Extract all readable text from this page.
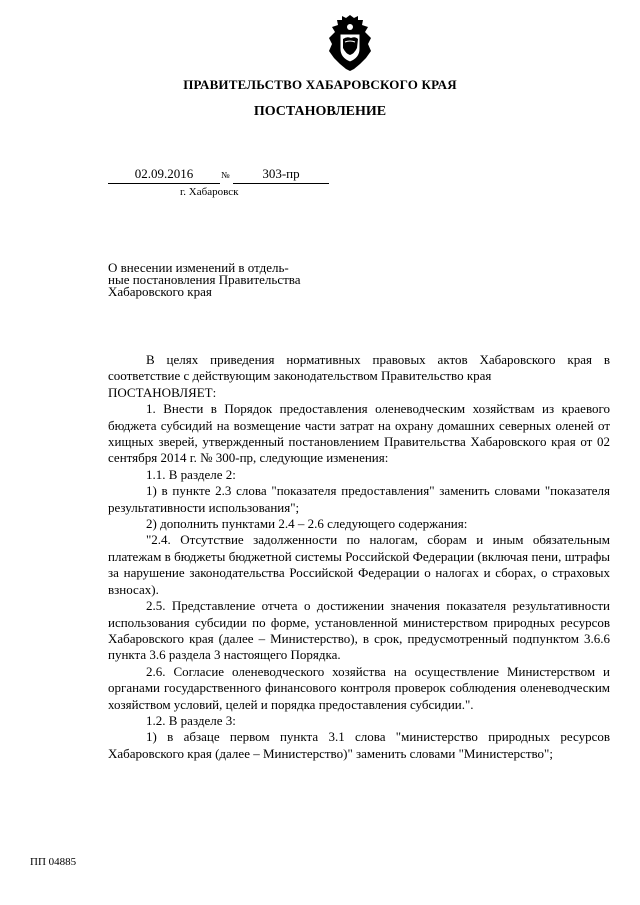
ПРАВИТЕЛЬСТВО ХАБАРОВСКОГО КРАЯ
ПОСТАНОВЛЕНИЕ
02.09.2016	№	303-пр
г. Хабаровск
О внесении изменений в отдель-
ные постановления Правительства
Хабаровского края

В целях приведения нормативных правовых актов Хабаровского края в соответствие с действующим законодательством Правительство края

ПОСТАНОВЛЯЕТ:

1. Внести в Порядок предоставления оленеводческим хозяйствам из краевого бюджета субсидий на возмещение части затрат на охрану домашних северных оленей от хищных зверей, утвержденный постановлением Правительства Хабаровского края от 02 сентября 2014 г. № 300-пр, следующие изменения:

1.1. В разделе 2:

1) в пункте 2.3 слова "показателя предоставления" заменить словами "показателя результативности использования";

2) дополнить пунктами 2.4 – 2.6 следующего содержания:

"2.4. Отсутствие задолженности по налогам, сборам и иным обязательным платежам в бюджеты бюджетной системы Российской Федерации (включая пени, штрафы за нарушение законодательства Российской Федерации о налогах и сборах, о страховых взносах).

2.5. Представление отчета о достижении значения показателя результативности использования субсидии по форме, установленной министерством природных ресурсов Хабаровского края (далее – Министерство), в срок, предусмотренный подпунктом 3.6.6 пункта 3.6 раздела 3 настоящего Порядка.

2.6. Согласие оленеводческого хозяйства на осуществление Министерством и органами государственного финансового контроля проверок соблюдения оленеводческим хозяйством условий, целей и порядка предоставления субсидии.".

1.2. В разделе 3:

1) в абзаце первом пункта 3.1 слова "министерство природных ресурсов Хабаровского края (далее – Министерство)" заменить словами "Министерство";

ПП 04885
